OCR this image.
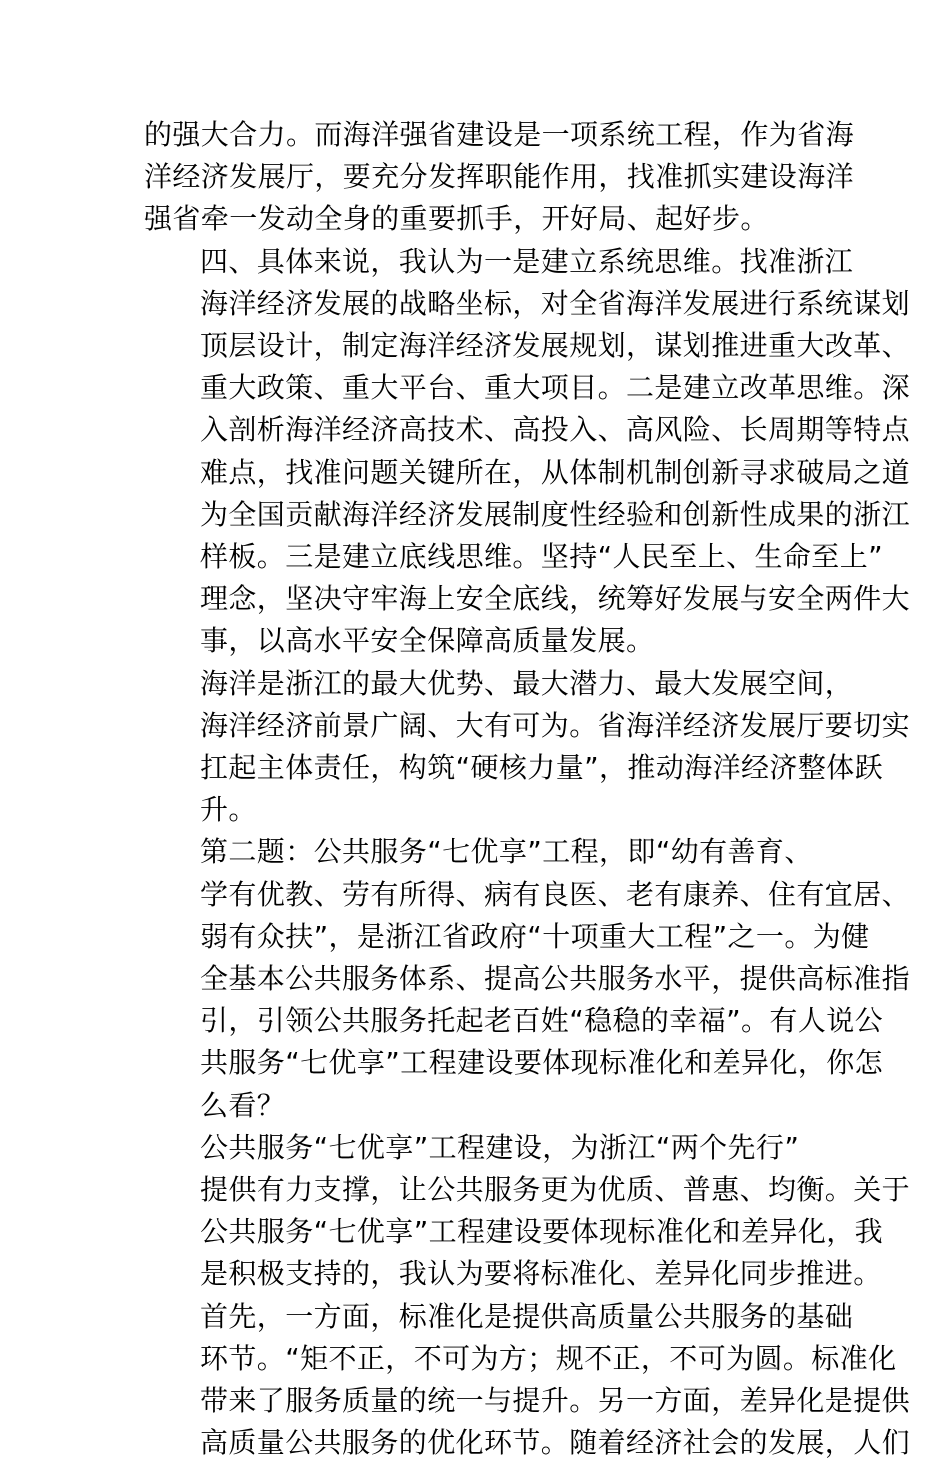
的强大合力。而海洋强省建设是一项系统工程，作为省海
洋经济发展厅，要充分发挥职能作用，找准抓实建设海洋
强省牵一发动全身的重要抓手，开好局、起好步。

四、具体来说，我认为一是建立系统思维。找准浙江
海洋经济发展的战略坐标，对全省海洋发展进行系统谋划
顶层设计，制定海洋经济发展规划，谋划推进重大改革、
重大政策、重大平台、重大项目。二是建立改革思维。深
入剖析海洋经济高技术、高投入、高风险、长周期等特点
难点，找准问题关键所在，从体制机制创新寻求破局之道
为全国贡献海洋经济发展制度性经验和创新性成果的浙江
样板。三是建立底线思维。坚持“人民至上、生命至上”
理念，坚决守牢海上安全底线，统筹好发展与安全两件大
事，以高水平安全保障高质量发展。

海洋是浙江的最大优势、最大潜力、最大发展空间，
海洋经济前景广阔、大有可为。省海洋经济发展厅要切实
扛起主体责任，构筑“硬核力量”，推动海洋经济整体跃
升。

第二题：公共服务“七优享”工程，即“幼有善育、
学有优教、劳有所得、病有良医、老有康养、住有宜居、
弱有众扶”，是浙江省政府“十项重大工程”之一。为健
全基本公共服务体系、提高公共服务水平，提供高标准指
引，引领公共服务托起老百姓“稳稳的幸福”。有人说公
共服务“七优享”工程建设要体现标准化和差异化，你怎
么看？

公共服务“七优享”工程建设，为浙江“两个先行”
提供有力支撑，让公共服务更为优质、普惠、均衡。关于
公共服务“七优享”工程建设要体现标准化和差异化，我
是积极支持的，我认为要将标准化、差异化同步推进。

首先，一方面，标准化是提供高质量公共服务的基础
环节。“矩不正，不可为方；规不正，不可为圆。标准化
带来了服务质量的统一与提升。另一方面，差异化是提供
高质量公共服务的优化环节。随着经济社会的发展，人们
